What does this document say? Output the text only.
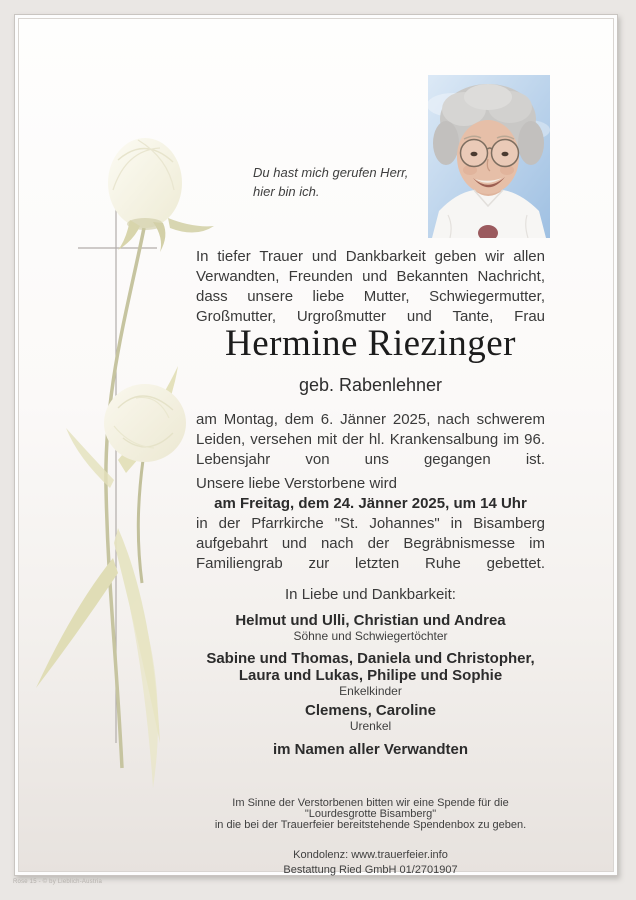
Du hast mich gerufen Herr,
hier bin ich.
In tiefer Trauer und Dankbarkeit geben wir allen Verwandten, Freunden und Bekannten Nachricht, dass unsere liebe Mutter, Schwiegermutter, Großmutter, Urgroßmutter und Tante, Frau
Hermine Riezinger
geb. Rabenlehner
am Montag, dem 6. Jänner 2025, nach schwerem Leiden, versehen mit der hl. Krankensalbung im 96. Lebensjahr von uns gegangen ist.
Unsere liebe Verstorbene wird
am Freitag, dem 24. Jänner 2025, um 14 Uhr
in der Pfarrkirche "St. Johannes" in Bisamberg aufgebahrt und nach der Begräbnismesse im Familiengrab zur letzten Ruhe gebettet.
In Liebe und Dankbarkeit:
Helmut und Ulli, Christian und Andrea
Söhne und Schwiegertöchter
Sabine und Thomas, Daniela und Christopher,
Laura und Lukas, Philipe und Sophie
Enkelkinder
Clemens, Caroline
Urenkel
im Namen aller Verwandten
Im Sinne der Verstorbenen bitten wir eine Spende für die "Lourdesgrotte Bisamberg"
in die bei der Trauerfeier bereitstehende Spendenbox zu geben.
Kondolenz: www.trauerfeier.info
Bestattung Ried GmbH 01/2701907
Rose 15 - © by Lieblich-Austria
